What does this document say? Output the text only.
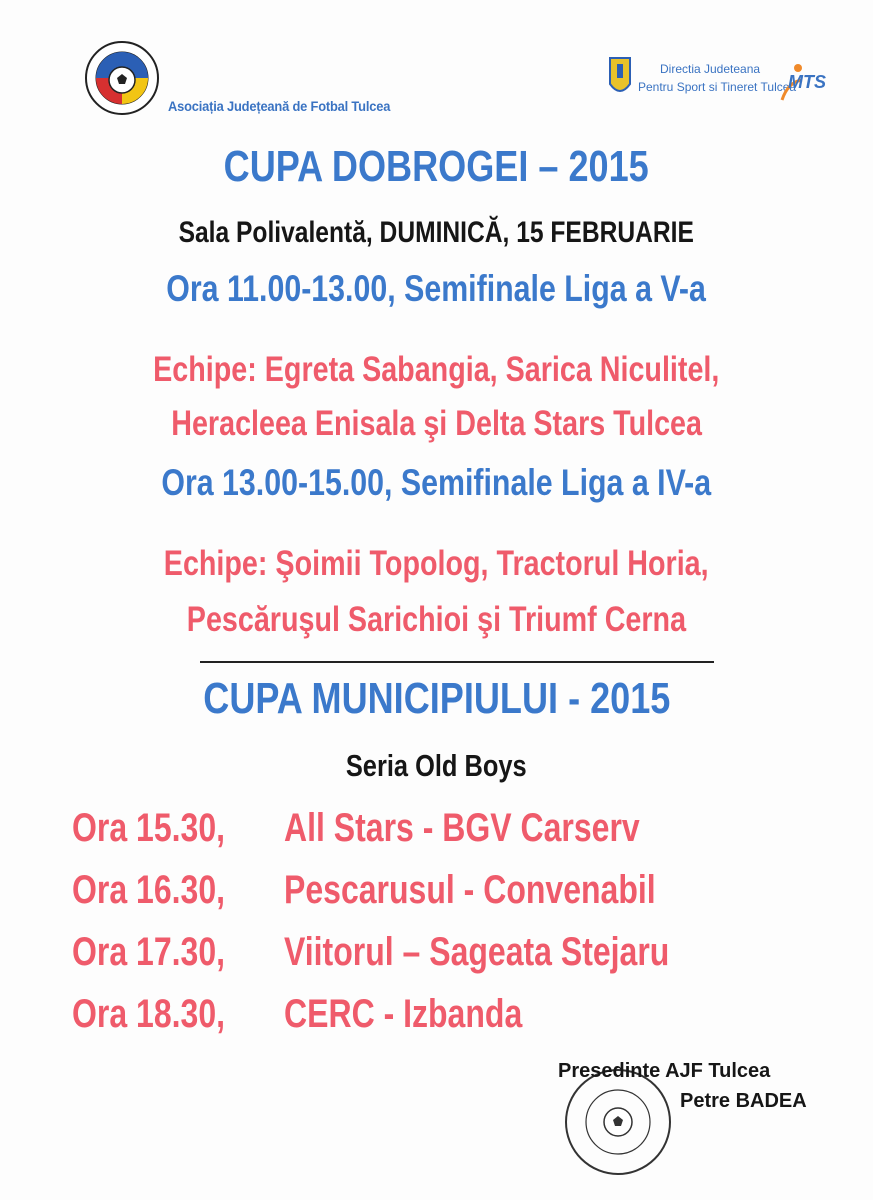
Asociația Județeană de Fotbal Tulcea
Directia Judeteana
Pentru Sport si Tineret Tulcea
MTS
CUPA DOBROGEI – 2015
Sala Polivalentă, DUMINICĂ, 15 FEBRUARIE
Ora 11.00-13.00, Semifinale Liga a V-a
Echipe: Egreta Sabangia, Sarica Niculitel,
Heracleea Enisala şi Delta Stars Tulcea
Ora 13.00-15.00, Semifinale Liga a IV-a
Echipe: Şoimii Topolog, Tractorul Horia,
Pescăruşul Sarichioi şi Triumf Cerna
CUPA MUNICIPIULUI - 2015
Seria Old Boys
Ora 15.30, All Stars - BGV Carserv
Ora 16.30, Pescarusul - Convenabil
Ora 17.30, Viitorul – Sageata Stejaru
Ora 18.30, CERC - Izbanda
Presedinte AJF Tulcea
Petre BADEA
